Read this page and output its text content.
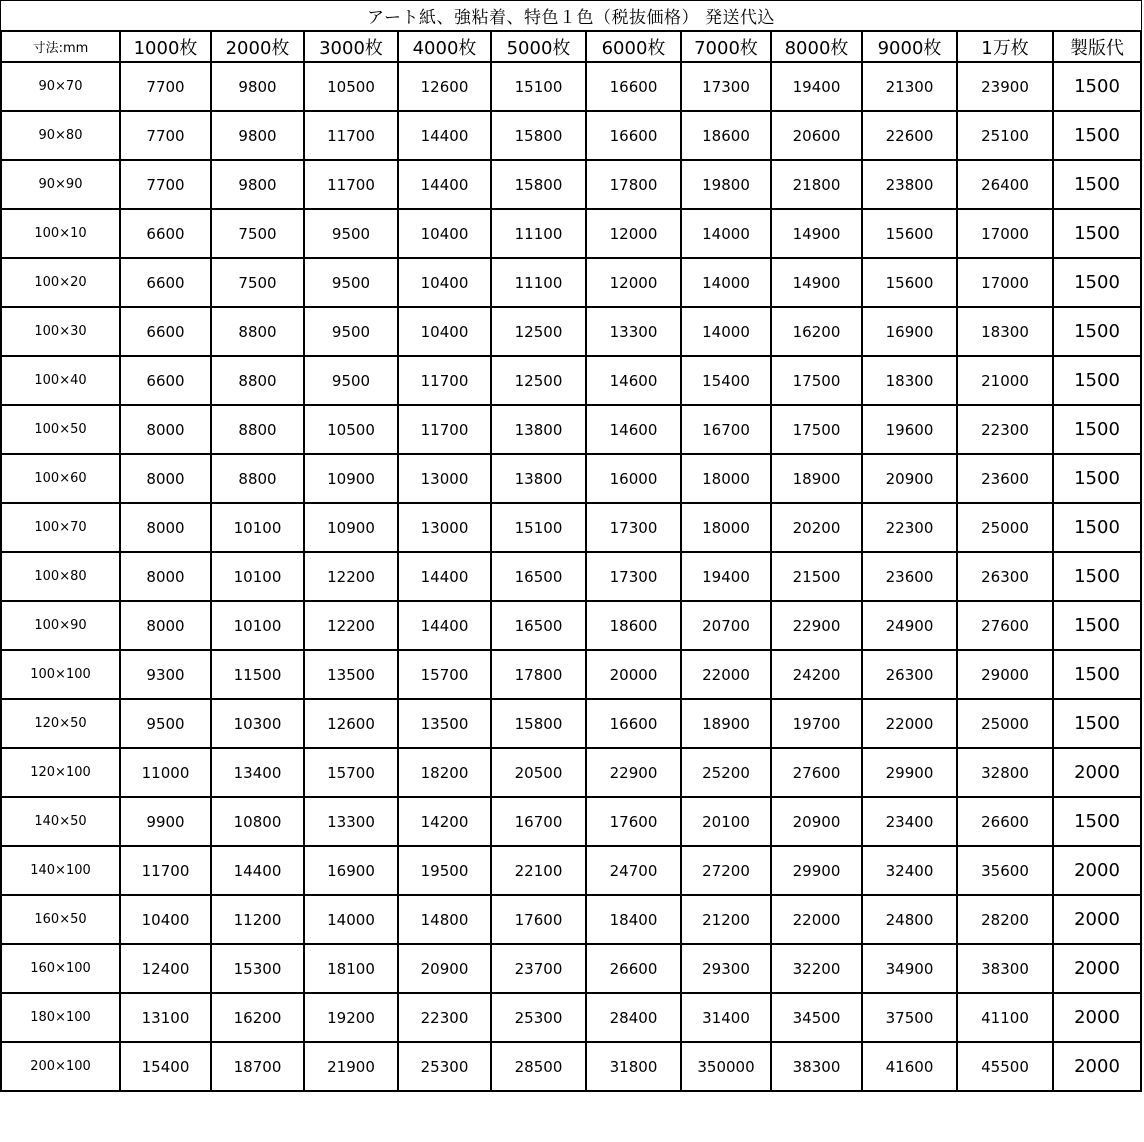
アート紙、強粘着、特色１色（税抜価格） 発送代込
寸法:mm	1000枚	2000枚	3000枚	4000枚	5000枚	6000枚	7000枚	8000枚	9000枚	1万枚	製版代
90×70	7700	9800	10500	12600	15100	16600	17300	19400	21300	23900	1500
90×80	7700	9800	11700	14400	15800	16600	18600	20600	22600	25100	1500
90×90	7700	9800	11700	14400	15800	17800	19800	21800	23800	26400	1500
100×10	6600	7500	9500	10400	11100	12000	14000	14900	15600	17000	1500
100×20	6600	7500	9500	10400	11100	12000	14000	14900	15600	17000	1500
100×30	6600	8800	9500	10400	12500	13300	14000	16200	16900	18300	1500
100×40	6600	8800	9500	11700	12500	14600	15400	17500	18300	21000	1500
100×50	8000	8800	10500	11700	13800	14600	16700	17500	19600	22300	1500
100×60	8000	8800	10900	13000	13800	16000	18000	18900	20900	23600	1500
100×70	8000	10100	10900	13000	15100	17300	18000	20200	22300	25000	1500
100×80	8000	10100	12200	14400	16500	17300	19400	21500	23600	26300	1500
100×90	8000	10100	12200	14400	16500	18600	20700	22900	24900	27600	1500
100×100	9300	11500	13500	15700	17800	20000	22000	24200	26300	29000	1500
120×50	9500	10300	12600	13500	15800	16600	18900	19700	22000	25000	1500
120×100	11000	13400	15700	18200	20500	22900	25200	27600	29900	32800	2000
140×50	9900	10800	13300	14200	16700	17600	20100	20900	23400	26600	1500
140×100	11700	14400	16900	19500	22100	24700	27200	29900	32400	35600	2000
160×50	10400	11200	14000	14800	17600	18400	21200	22000	24800	28200	2000
160×100	12400	15300	18100	20900	23700	26600	29300	32200	34900	38300	2000
180×100	13100	16200	19200	22300	25300	28400	31400	34500	37500	41100	2000
200×100	15400	18700	21900	25300	28500	31800	350000	38300	41600	45500	2000
